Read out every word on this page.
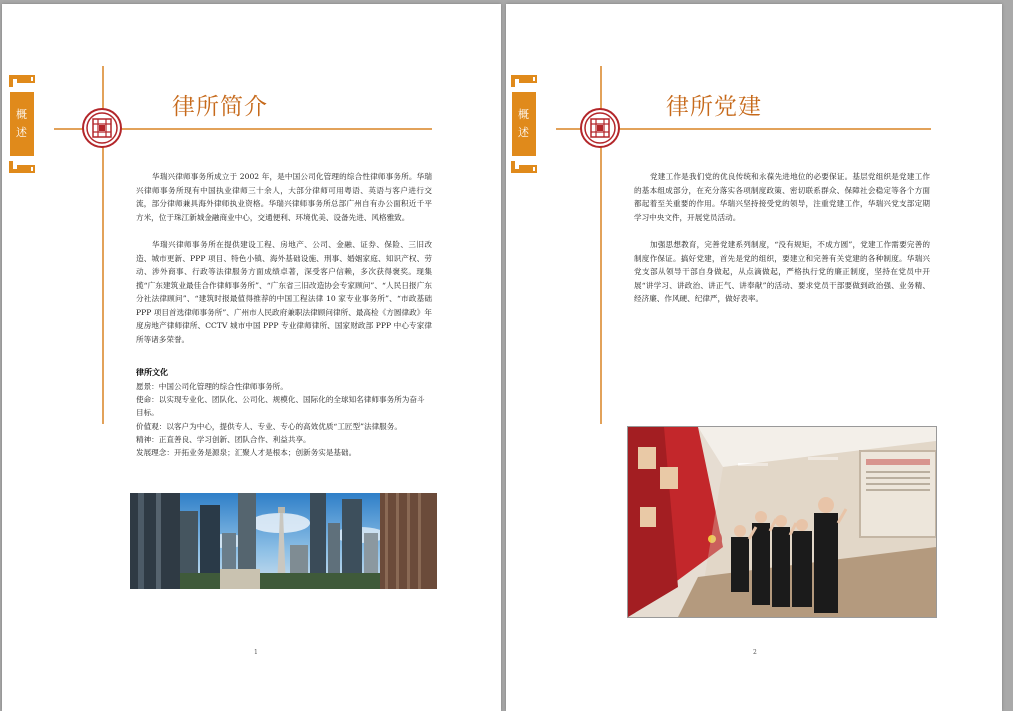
概
述
律所简介

华瑞兴律师事务所成立于 2002 年，是中国公司化管理的综合性律师事务所。华瑞兴律师事务所现有中国执业律师三十余人，大部分律师可用粤语、英语与客户进行交流，部分律师兼具海外律师执业资格。华瑞兴律师事务所总部广州自有办公面积近千平方米，位于珠江新城金融商业中心，交通便利、环境优美、设备先进、风格雅致。

华瑞兴律师事务所在提供建设工程、房地产、公司、金融、证券、保险、三旧改造、城市更新、PPP 项目、特色小镇、海外基础设施、刑事、婚姻家庭、知识产权、劳动、涉外商事、行政等法律服务方面成绩卓著，深受客户信赖，多次获得褒奖。现集揽“广东建筑业最佳合作律师事务所”、“广东省三旧改造协会专家顾问”、“人民日报广东分社法律顾问”、“建筑时报最值得推荐的中国工程法律 10 家专业事务所”、“市政基础 PPP 项目首选律师事务所”、广州市人民政府兼职法律顾问律所、最高检《方圆律政》年度房地产律师律所、CCTV 城市中国 PPP 专业律师律所、国家财政部 PPP 中心专家律所等诸多荣誉。

律所文化

愿景：中国公司化管理的综合性律师事务所。

使命：以实现专业化、团队化、公司化、规模化、国际化的全球知名律师事务所为奋斗目标。

价值观：以客户为中心，提供专人、专业、专心的高效优质“工匠型”法律服务。

精神：正直善良、学习创新、团队合作、利益共享。

发展理念：开拓业务是源泉；汇聚人才是根本；创新务实是基础。

1
概
述
律所党建

党建工作是我们党的优良传统和永葆先进地位的必要保证。基层党组织是党建工作的基本组成部分，在充分落实各项制度政策、密切联系群众、保障社会稳定等各个方面都起着至关重要的作用。华瑞兴坚持接受党的领导，注重党建工作，华瑞兴党支部定期学习中央文件，开展党员活动。

加强思想教育，完善党建系列制度，“没有规矩，不成方圆”，党建工作需要完善的制度作保证。搞好党建，首先是党的组织，要建立和完善有关党建的各种制度。华瑞兴党支部从领导干部自身做起，从点滴做起，严格执行党的廉正制度，坚持在党员中开展“讲学习、讲政治、讲正气、讲奉献”的活动、要求党员干部要做到政治强、业务精、经济廉、作风硬、纪律严，做好表率。

2
